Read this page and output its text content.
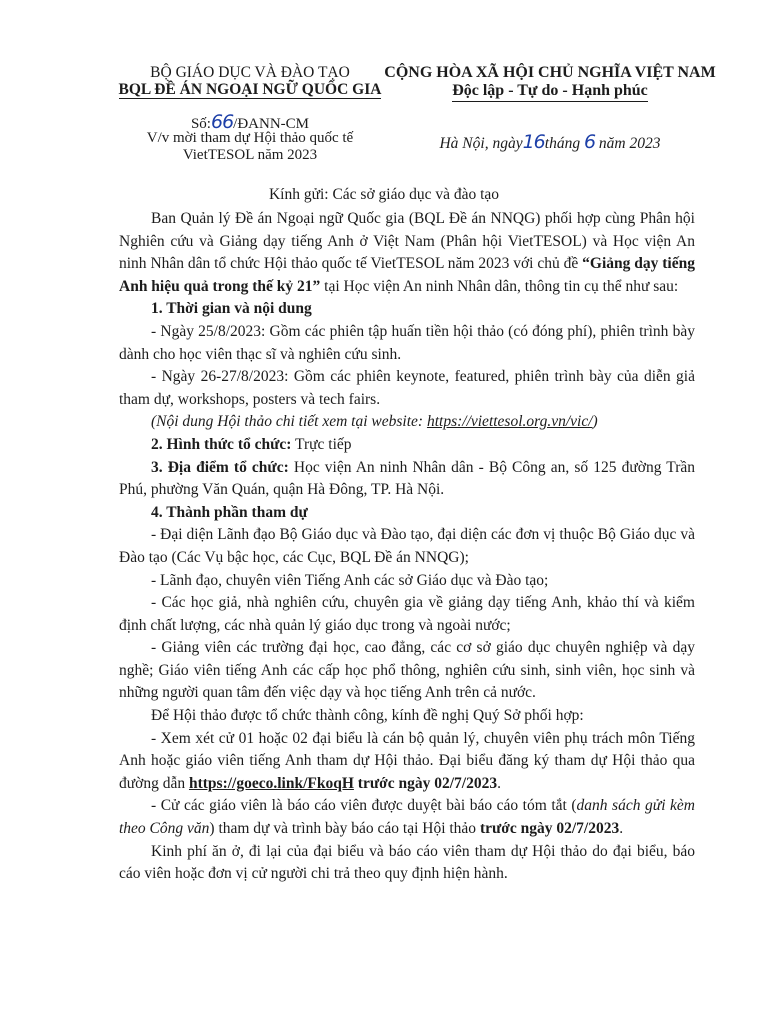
BỘ GIÁO DỤC VÀ ĐÀO TẠO
BQL ĐỀ ÁN NGOẠI NGỮ QUỐC GIA
CỘNG HÒA XÃ HỘI CHỦ NGHĨA VIỆT NAM
Độc lập - Tự do - Hạnh phúc
Số:66/ĐANN-CM
V/v mời tham dự Hội thảo quốc tế
VietTESOL năm 2023
Hà Nội, ngày16tháng 6 năm 2023
Kính gửi: Các sở giáo dục và đào tạo

Ban Quản lý Đề án Ngoại ngữ Quốc gia (BQL Đề án NNQG) phối hợp cùng Phân hội Nghiên cứu và Giảng dạy tiếng Anh ở Việt Nam (Phân hội VietTESOL) và Học viện An ninh Nhân dân tổ chức Hội thảo quốc tế VietTESOL năm 2023 với chủ đề “Giảng dạy tiếng Anh hiệu quả trong thế kỷ 21” tại Học viện An ninh Nhân dân, thông tin cụ thể như sau:

1. Thời gian và nội dung

- Ngày 25/8/2023: Gồm các phiên tập huấn tiền hội thảo (có đóng phí), phiên trình bày dành cho học viên thạc sĩ và nghiên cứu sinh.

- Ngày 26-27/8/2023: Gồm các phiên keynote, featured, phiên trình bày của diễn giả tham dự, workshops, posters và tech fairs.

(Nội dung Hội thảo chi tiết xem tại website: https://viettesol.org.vn/vic/)

2. Hình thức tổ chức: Trực tiếp

3. Địa điểm tổ chức: Học viện An ninh Nhân dân - Bộ Công an, số 125 đường Trần Phú, phường Văn Quán, quận Hà Đông, TP. Hà Nội.

4. Thành phần tham dự

- Đại diện Lãnh đạo Bộ Giáo dục và Đào tạo, đại diện các đơn vị thuộc Bộ Giáo dục và Đào tạo (Các Vụ bậc học, các Cục, BQL Đề án NNQG);

- Lãnh đạo, chuyên viên Tiếng Anh các sở Giáo dục và Đào tạo;

- Các học giả, nhà nghiên cứu, chuyên gia về giảng dạy tiếng Anh, khảo thí và kiểm định chất lượng, các nhà quản lý giáo dục trong và ngoài nước;

- Giảng viên các trường đại học, cao đẳng, các cơ sở giáo dục chuyên nghiệp và dạy nghề; Giáo viên tiếng Anh các cấp học phổ thông, nghiên cứu sinh, sinh viên, học sinh và những người quan tâm đến việc dạy và học tiếng Anh trên cả nước.

Để Hội thảo được tổ chức thành công, kính đề nghị Quý Sở phối hợp:

- Xem xét cử 01 hoặc 02 đại biểu là cán bộ quản lý, chuyên viên phụ trách môn Tiếng Anh hoặc giáo viên tiếng Anh tham dự Hội thảo. Đại biểu đăng ký tham dự Hội thảo qua đường dẫn https://goeco.link/FkoqH trước ngày 02/7/2023.

- Cử các giáo viên là báo cáo viên được duyệt bài báo cáo tóm tắt (danh sách gửi kèm theo Công văn) tham dự và trình bày báo cáo tại Hội thảo trước ngày 02/7/2023.

Kinh phí ăn ở, đi lại của đại biểu và báo cáo viên tham dự Hội thảo do đại biểu, báo cáo viên hoặc đơn vị cử người chi trả theo quy định hiện hành.
